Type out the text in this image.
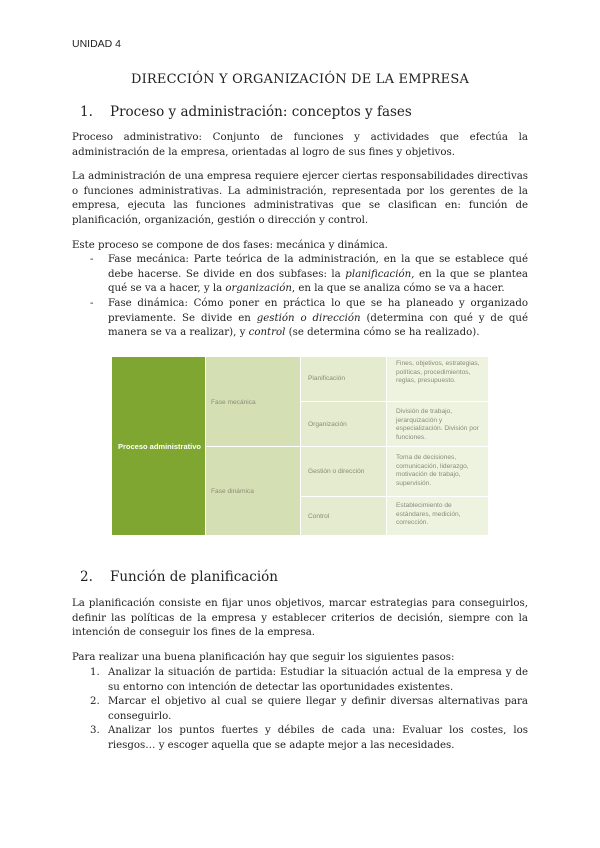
UNIDAD 4
DIRECCIÓN Y ORGANIZACIÓN DE LA EMPRESA
1. Proceso y administración: conceptos y fases

Proceso administrativo: Conjunto de funciones y actividades que efectúa la administración de la empresa, orientadas al logro de sus fines y objetivos.

La administración de una empresa requiere ejercer ciertas responsabilidades directivas o funciones administrativas. La administración, representada por los gerentes de la empresa, ejecuta las funciones administrativas que se clasifican en: función de planificación, organización, gestión o dirección y control.

Este proceso se compone de dos fases: mecánica y dinámica.

- Fase mecánica: Parte teórica de la administración, en la que se establece qué debe hacerse. Se divide en dos subfases: la planificación, en la que se plantea qué se va a hacer, y la organización, en la que se analiza cómo se va a hacer.
- Fase dinámica: Cómo poner en práctica lo que se ha planeado y organizado previamente. Se divide en gestión o dirección (determina con qué y de qué manera se va a realizar), y control (se determina cómo se ha realizado).
Proceso administrativo
Fase mecánica
Fase dinámica
Planificación
Organización
Gestión o dirección
Control
Fines, objetivos, estrategias, políticas, procedimientos, reglas, presupuesto.
División de trabajo, jerarquización y especialización. División por funciones.
Toma de decisiones, comunicación, liderazgo, motivación de trabajo, supervisión.
Establecimiento de estándares, medición, corrección.
2. Función de planificación

La planificación consiste en fijar unos objetivos, marcar estrategias para conseguirlos, definir las políticas de la empresa y establecer criterios de decisión, siempre con la intención de conseguir los fines de la empresa.

Para realizar una buena planificación hay que seguir los siguientes pasos:

1. Analizar la situación de partida: Estudiar la situación actual de la empresa y de su entorno con intención de detectar las oportunidades existentes.
2. Marcar el objetivo al cual se quiere llegar y definir diversas alternativas para conseguirlo.
3. Analizar los puntos fuertes y débiles de cada una: Evaluar los costes, los riesgos… y escoger aquella que se adapte mejor a las necesidades.
